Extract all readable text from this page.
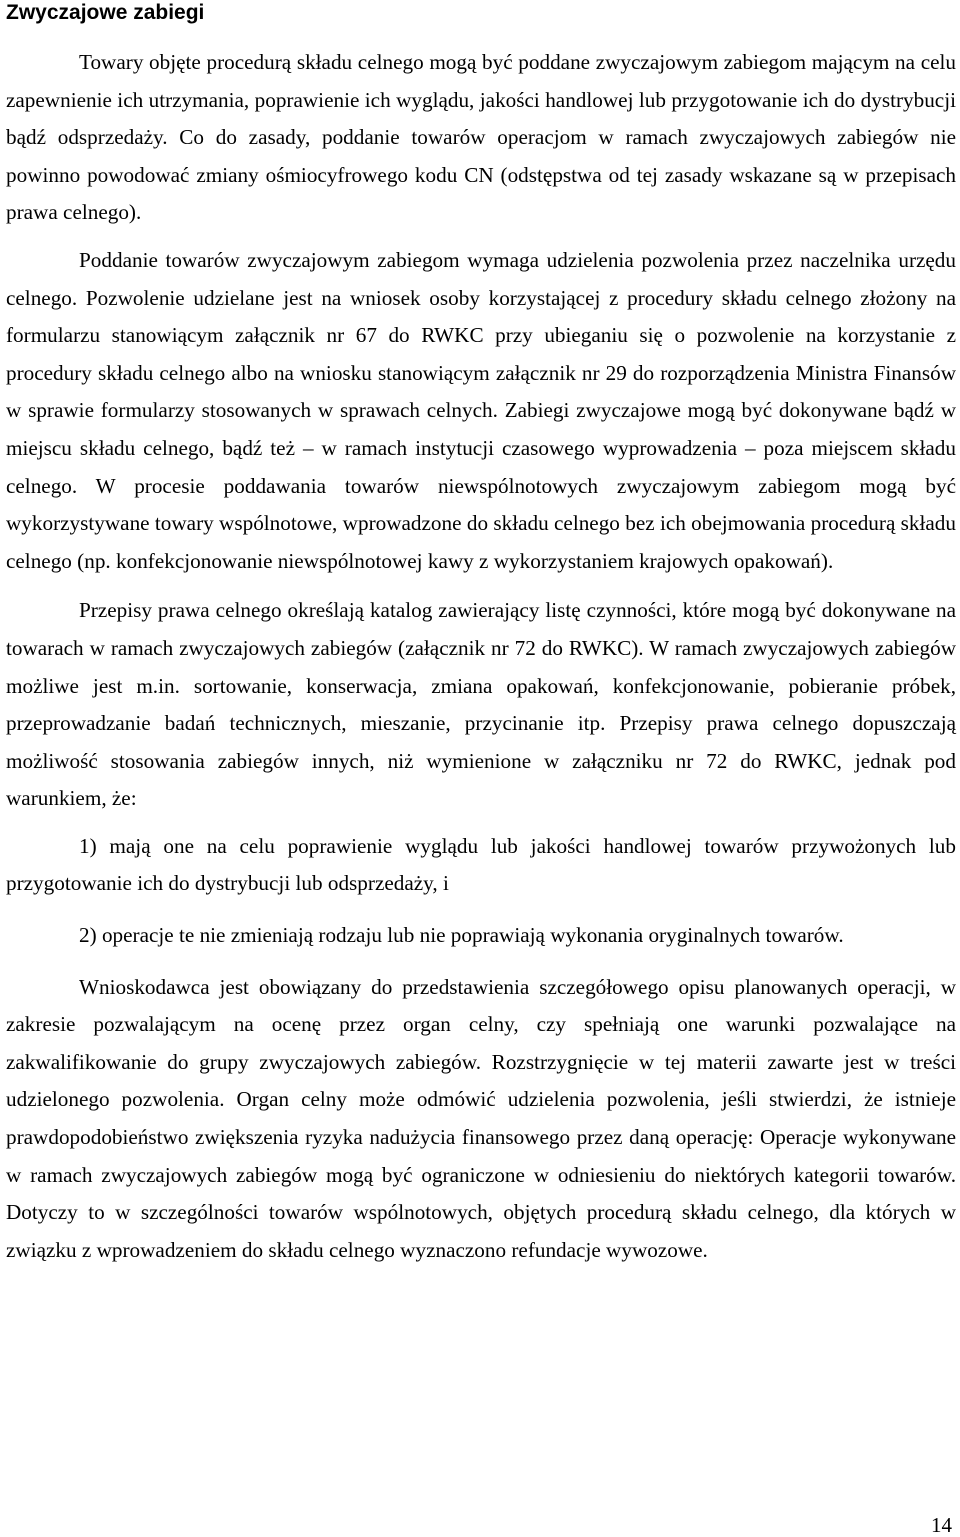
Zwyczajowe zabiegi

Towary objęte procedurą składu celnego mogą być poddane zwyczajowym zabiegom mającym na celu zapewnienie ich utrzymania, poprawienie ich wyglądu, jakości handlowej lub przygotowanie ich do dystrybucji bądź odsprzedaży. Co do zasady, poddanie towarów operacjom w ramach zwyczajowych zabiegów nie powinno powodować zmiany ośmiocyfrowego kodu CN (odstępstwa od tej zasady wskazane są w przepisach prawa celnego).

Poddanie towarów zwyczajowym zabiegom wymaga udzielenia pozwolenia przez naczelnika urzędu celnego. Pozwolenie udzielane jest na wniosek osoby korzystającej z procedury składu celnego złożony na formularzu stanowiącym załącznik nr 67 do RWKC przy ubieganiu się o pozwolenie na korzystanie z procedury składu celnego albo na wniosku stanowiącym załącznik nr 29 do rozporządzenia Ministra Finansów w sprawie formularzy stosowanych w sprawach celnych. Zabiegi zwyczajowe mogą być dokonywane bądź w miejscu składu celnego, bądź też – w ramach instytucji czasowego wyprowadzenia – poza miejscem składu celnego. W procesie poddawania towarów niewspólnotowych zwyczajowym zabiegom mogą być wykorzystywane towary wspólnotowe, wprowadzone do składu celnego bez ich obejmowania procedurą składu celnego (np. konfekcjonowanie niewspólnotowej kawy z wykorzystaniem krajowych opakowań).

Przepisy prawa celnego określają katalog zawierający listę czynności, które mogą być dokonywane na towarach w ramach zwyczajowych zabiegów (załącznik nr 72 do RWKC). W ramach zwyczajowych zabiegów możliwe jest m.in. sortowanie, konserwacja, zmiana opakowań, konfekcjonowanie, pobieranie próbek, przeprowadzanie badań technicznych, mieszanie, przycinanie itp. Przepisy prawa celnego dopuszczają możliwość stosowania zabiegów innych, niż wymienione w załączniku nr 72 do RWKC, jednak pod warunkiem, że:

1) mają one na celu poprawienie wyglądu lub jakości handlowej towarów przywożonych lub przygotowanie ich do dystrybucji lub odsprzedaży, i

2) operacje te nie zmieniają rodzaju lub nie poprawiają wykonania oryginalnych towarów.

Wnioskodawca jest obowiązany do przedstawienia szczegółowego opisu planowanych operacji, w zakresie pozwalającym na ocenę przez organ celny, czy spełniają one warunki pozwalające na zakwalifikowanie do grupy zwyczajowych zabiegów. Rozstrzygnięcie w tej materii zawarte jest w treści udzielonego pozwolenia. Organ celny może odmówić udzielenia pozwolenia, jeśli stwierdzi, że istnieje prawdopodobieństwo zwiększenia ryzyka nadużycia finansowego przez daną operację: Operacje wykonywane w ramach zwyczajowych zabiegów mogą być ograniczone w odniesieniu do niektórych kategorii towarów. Dotyczy to w szczególności towarów wspólnotowych, objętych procedurą składu celnego, dla których w związku z wprowadzeniem do składu celnego wyznaczono refundacje wywozowe.

14
